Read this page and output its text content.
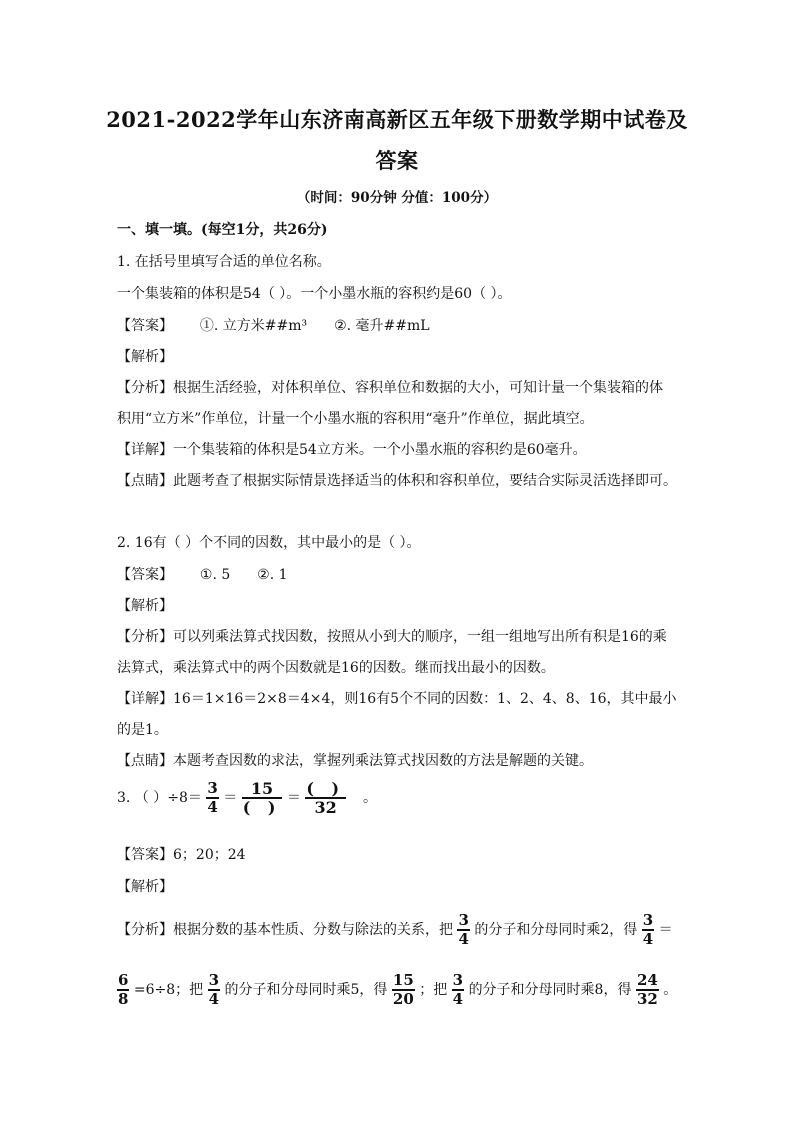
2021-2022学年山东济南高新区五年级下册数学期中试卷及
答案
（时间：90分钟 分值：100分）
一、填一填。(每空1分，共26分)
1. 在括号里填写合适的单位名称。
一个集装箱的体积是54（ ）。一个小墨水瓶的容积约是60（ ）。
【答案】 ①. 立方米##m³ ②. 毫升##mL
【解析】
【分析】根据生活经验，对体积单位、容积单位和数据的大小，可知计量一个集装箱的体
积用“立方米”作单位，计量一个小墨水瓶的容积用“毫升”作单位，据此填空。
【详解】一个集装箱的体积是54立方米。一个小墨水瓶的容积约是60毫升。
【点睛】此题考查了根据实际情景选择适当的体积和容积单位，要结合实际灵活选择即可。
2. 16有（ ）个不同的因数，其中最小的是（ ）。
【答案】 ①. 5 ②. 1
【解析】
【分析】可以列乘法算式找因数，按照从小到大的顺序，一组一组地写出所有积是16的乘
法算式，乘法算式中的两个因数就是16的因数。继而找出最小的因数。
【详解】16＝1×16＝2×8＝4×4，则16有5个不同的因数：1、2、4、8、16，其中最小
的是1。
【点睛】本题考查因数的求法，掌握列乘法算式找因数的方法是解题的关键。
3. （ ）$\div 8= \frac{3}{4} = \frac{15}{( )} = \frac{( )}{32}$ 。
【答案】6；20；24
【解析】
【分析】根据分数的基本性质、分数与除法的关系，把 $\frac{3}{4}$ 的分子和分母同时乘2，得 $\frac{3}{4}$ ＝
$\frac{6}{8} =6\div 8$；把 $\frac{3}{4}$ 的分子和分母同时乘5，得 $\frac{15}{20}$ ；把 $\frac{3}{4}$ 的分子和分母同时乘8，得 $\frac{24}{32}$ 。
